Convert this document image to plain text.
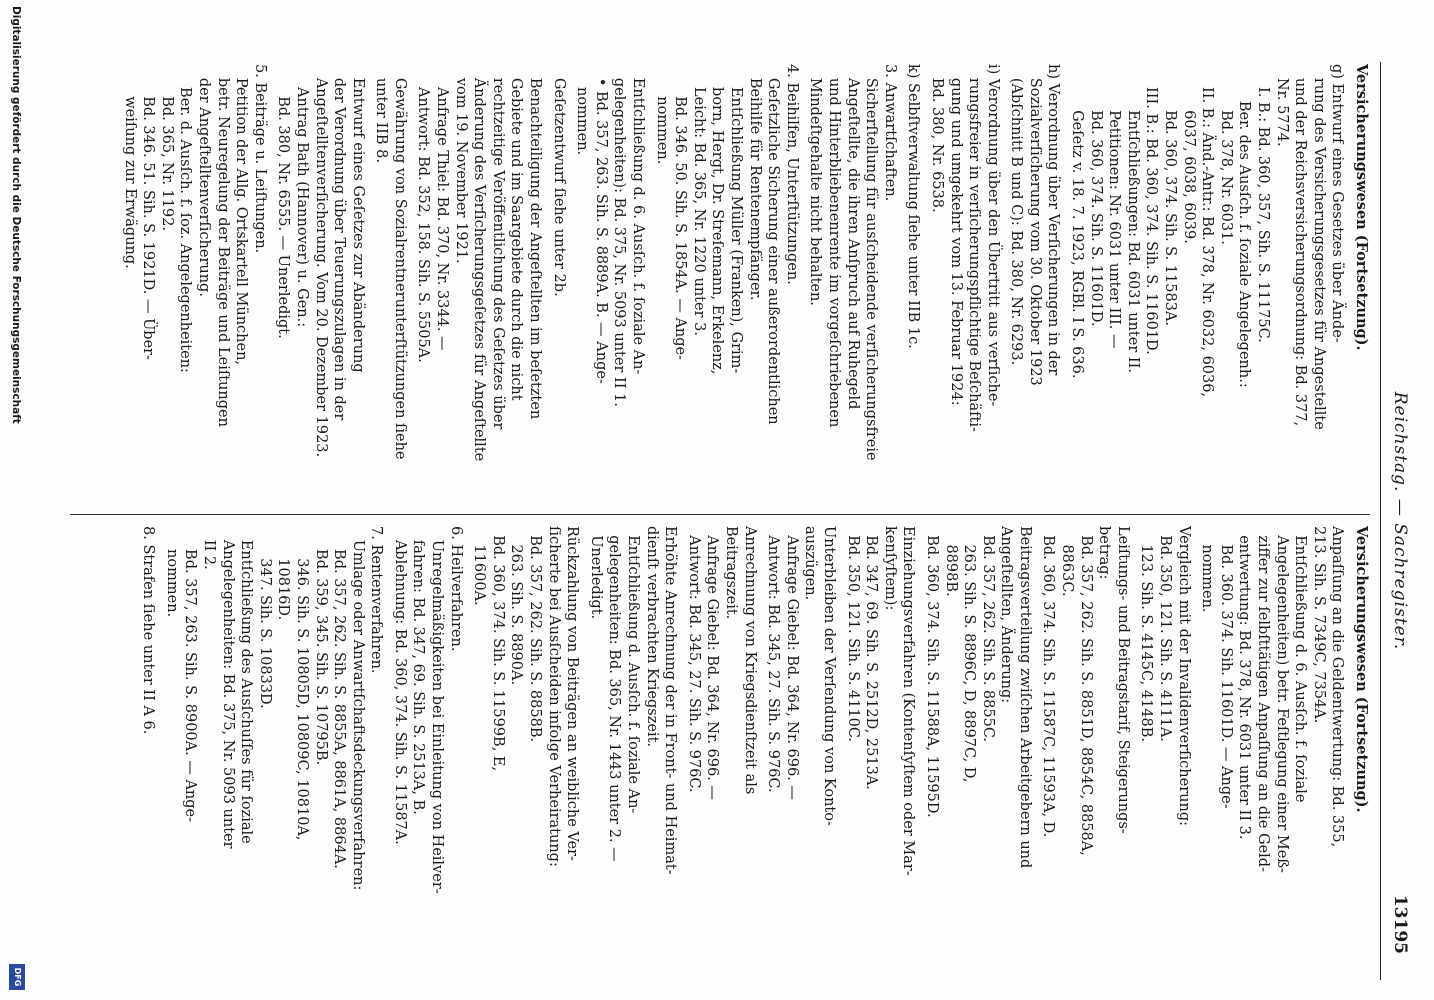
Reichstag. — Sachregister.
13195
Versicherungswesen (Fortsetzung).
g) Entwurf eines Gesetzes über Ände-
rung des Versicherungsgesetzes für Angestellte
und der Reichsversicherungsordnung: Bd. 377,
Nr. 5774.
I. B.: Bd. 360, 357, Sih. S. 11175C.
Ber. des Ausſch. f. ſoziale Angelegenh.:
Bd. 378, Nr. 6031.
II. B.: Änd.-Antr.: Bd. 378, Nr. 6032, 6036,
6037, 6038, 6039.
Bd. 360, 374. Sih. S. 11583A.
III. B.: Bd. 360, 374. Sih. S. 11601D.
Entſchließungen: Bd. 6031 unter II.
Petitionen: Nr. 6031 unter III. —
Bd. 360, 374. Sih. S. 11601D.
Geſetz v. 18. 7. 1923, RGBl. I S. 636.
h) Verordnung über Verſicherungen in der
Sozialverſicherung vom 30. Oktober 1923
(Abſchnitt B und C): Bd. 380, Nr. 6293.
i) Verordnung über den Übertritt aus verſiche-
rungsfreier in verſicherungspflichtige Beſchäfti-
gung und umgekehrt vom 13. Februar 1924:
Bd. 380, Nr. 6538.
k) Selbſtverwaltung ſiehe unter IIB 1c.
3. Anwartſchaften.
Sicherſtellung für ausſcheidende verſicherungsfreie
Angeſtellte, die ihren Anſpruch auf Ruhegeld
und Hinterbliebenenrente im vorgeſchriebenen
Mindeſtgehalte nicht behalten.
4. Beihilfen, Unterſtützungen.
Geſetzliche Sicherung einer außerordentlichen
Beihilfe für Rentenempfänger.
Entſchließung Müller (Franken), Grim-
born, Hergt, Dr. Streſemann, Erkelenz,
Leicht: Bd. 365, Nr. 1220 unter 3.
Bd. 346. 50. Sih. S. 1854A. — Ange-
nommen.
Entſchließung d. 6. Ausſch. f. ſoziale An-
gelegenheiten): Bd. 375, Nr. 5093 unter II 1.
• Bd. 357, 263. Sih. S. 8889A. B. — Ange-
nommen.
Geſetzentwurf ſiehe unter 2b.
Benachteiligung der Angeſtellten im beſetzten
Gebiete und im Saargebiete durch die nicht
rechtzeitige Veröffentlichung des Geſetzes über
Änderung des Verſicherungsgeſetzes für Angeſtellte
vom 19. November 1921.
Anfrage Thiel: Bd. 370, Nr. 3344. —
Antwort: Bd. 352, 158. Sih. S. 5505A.
Gewährung von Sozialrentnerunterſtützungen ſiehe
unter IIB 8.
Entwurf eines Geſetzes zur Abänderung
der Verordnung über Teuerungszulagen in der
Angeſtelltenverſicherung. Vom 20. Dezember 1923.
Antrag Bath (Hannover) u. Gen.:
Bd. 380, Nr. 6555. — Unerledigt.
5. Beiträge u. Leiſtungen.
Petition der Allg. Ortskartell München,
betr. Neuregelung der Beiträge und Leiſtungen
der Angeſtelltenverſicherung.
Ber. d. Ausſch. f. ſoz. Angelegenheiten:
Bd. 365, Nr. 1192.
Bd. 346. 51. Sih. S. 1921D. — Über-
weiſung zur Erwägung.
Versicherungswesen (Fortsetzung).
Anpaſſung an die Geldentwertung: Bd. 355,
213. Sih. S. 7349C, 7354A.
Entſchließung d. 6. Ausſch. f. ſoziale
Angelegenheiten) betr. Feſtlegung einer Meß-
ziffer zur ſelbſttätigen Anpaſſung an die Geld-
entwertung: Bd. 378, Nr. 6031 unter II 3.
Bd. 360. 374. Sih. 11601D. — Ange-
nommen.
Vergleich mit der Invalidenverſicherung:
Bd. 350, 121. Sih. S. 4111A.
123. Sih. S. 4145C, 4148B.
Leiſtungs- und Beitragstarif, Steigerungs-
betrag:
Bd. 357, 262. Sih. S. 8851D, 8854C, 8858A,
8863C.
Bd. 360, 374. Sih. S. 11587C, 11593A, D.
Beitragsverteilung zwiſchen Arbeitgebern und
Angeſtellten, Änderung:
Bd. 357, 262. Sih. S. 8855C.
263. Sih. S. 8896C, D, 8897C, D,
8898B.
Bd. 360, 374. Sih. S. 11588A, 11595D.
Einziehungsverfahren (Kontenſyſtem oder Mar-
kenſyſtem):
Bd. 347, 69. Sih. S. 2512D, 2513A.
Bd. 350, 121. Sih. S. 4110C.
Unterbleiben der Verſendung von Konto-
auszügen.
Anfrage Giebel: Bd. 364, Nr. 696. —
Antwort: Bd. 345, 27. Sih. S. 976C.
Anrechnung von Kriegsdienſtzeit als
Beitragszeit.
Anfrage Giebel: Bd. 364, Nr. 696. —
Antwort: Bd. 345, 27. Sih. S. 976C.
Erhöhte Anrechnung der in Front- und Heimat-
dienſt verbrachten Kriegszeit.
Entſchließung d. Ausſch. f. ſoziale An-
gelegenheiten: Bd. 365, Nr. 1443 unter 2. —
Unerledigt.
Rückzahlung von Beiträgen an weibliche Ver-
ſicherte bei Ausſcheiden infolge Verheiratung:
Bd. 357, 262. Sih. S. 8858B.
263. Sih. S. 8890A.
Bd. 360, 374. Sih. S. 11599B, E,
11600A.
6. Heilverfahren.
Unregelmäßigkeiten bei Einleitung von Heilver-
fahren: Bd. 347, 69. Sih. S. 2513A, B.
Ablehnung: Bd. 360, 374. Sih. S. 11587A.
7. Rentenverfahren.
Umlage oder Anwartſchaftsdeckungsverfahren:
Bd. 357, 262. Sih. S. 8855A, 8861A, 8864A.
Bd. 359, 345. Sih. S. 10795B.
346. Sih. S. 10805D, 10809C, 10810A,
10816D.
347. Sih. S. 10833D.
Entſchließung des Ausſchuſſes für ſoziale
Angelegenheiten: Bd. 375, Nr. 5093 unter
II 2.
Bd. 357, 263. Sih. S. 8900A. — Ange-
nommen.
8. Strafen ſiehe unter II A 6.
Digitalisierung gefördert durch die Deutsche Forschungsgemeinschaft
DFG
